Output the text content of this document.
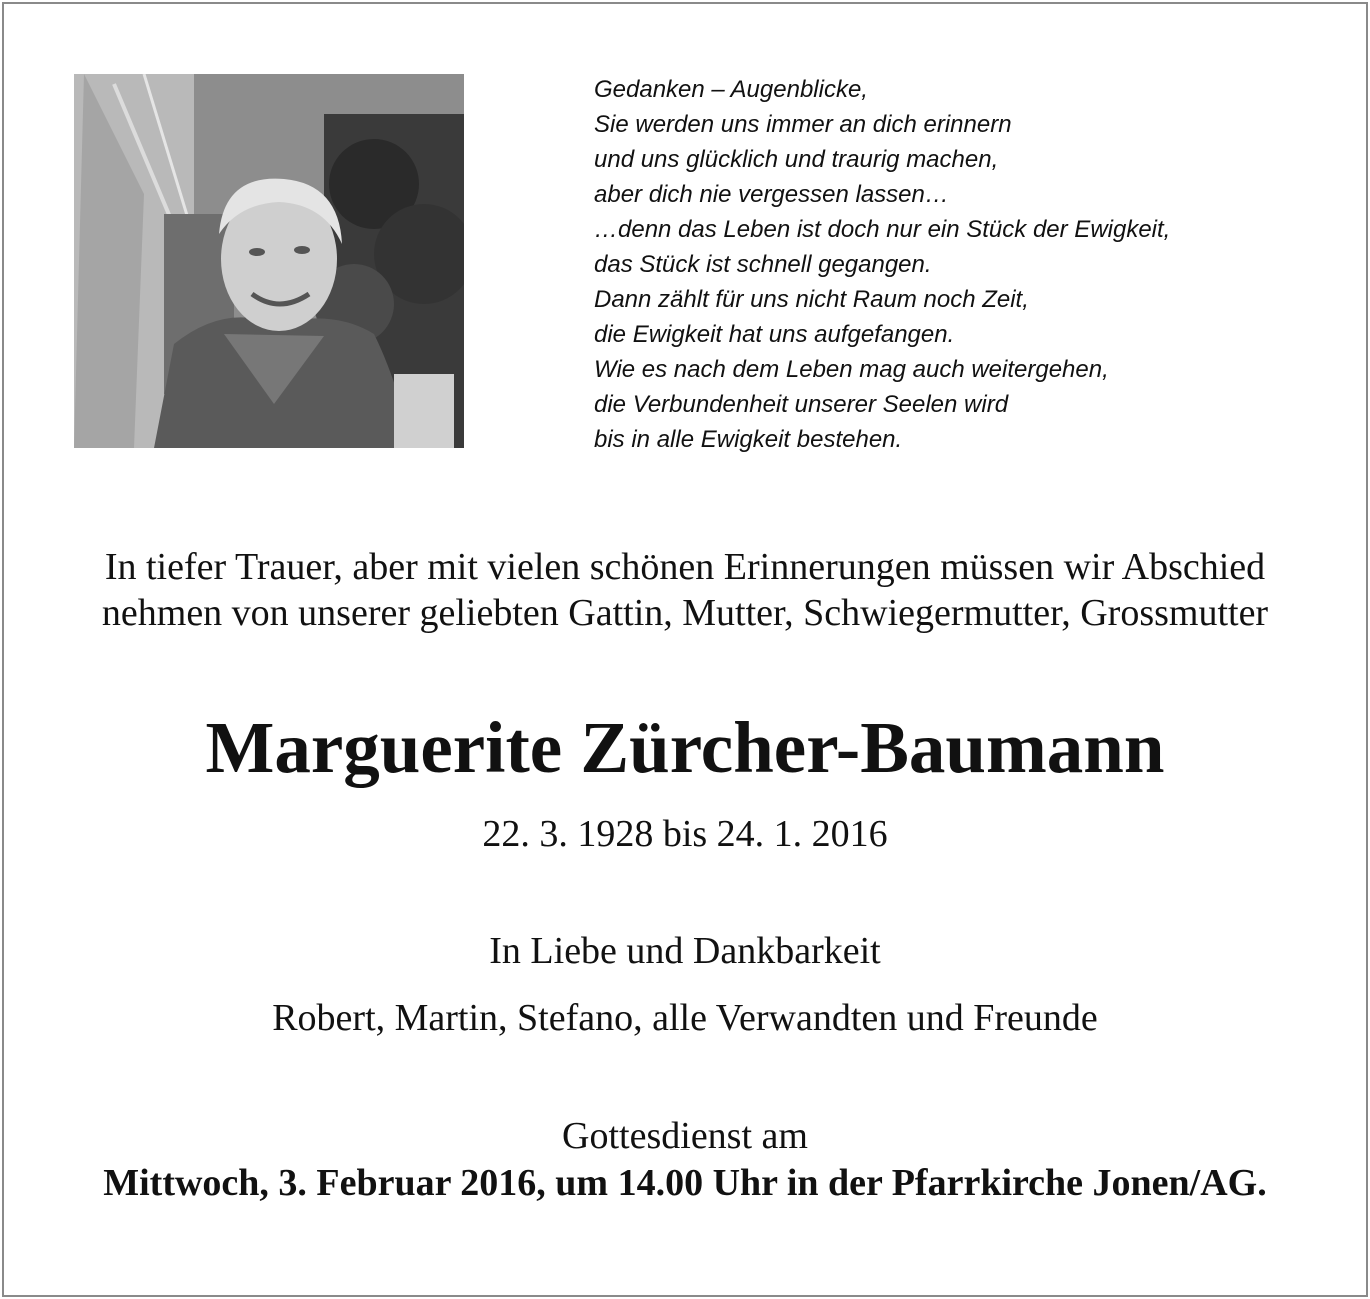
Gedanken – Augenblicke,
Sie werden uns immer an dich erinnern
und uns glücklich und traurig machen,
aber dich nie vergessen lassen…
…denn das Leben ist doch nur ein Stück der Ewigkeit,
das Stück ist schnell gegangen.
Dann zählt für uns nicht Raum noch Zeit,
die Ewigkeit hat uns aufgefangen.
Wie es nach dem Leben mag auch weitergehen,
die Verbundenheit unserer Seelen wird
bis in alle Ewigkeit bestehen.
In tiefer Trauer, aber mit vielen schönen Erinnerungen müssen wir Abschied
nehmen von unserer geliebten Gattin, Mutter, Schwiegermutter, Grossmutter
Marguerite Zürcher-Baumann
22. 3. 1928 bis 24. 1. 2016
In Liebe und Dankbarkeit
Robert, Martin, Stefano, alle Verwandten und Freunde
Gottesdienst am
Mittwoch, 3. Februar 2016, um 14.00 Uhr in der Pfarrkirche Jonen/AG.
